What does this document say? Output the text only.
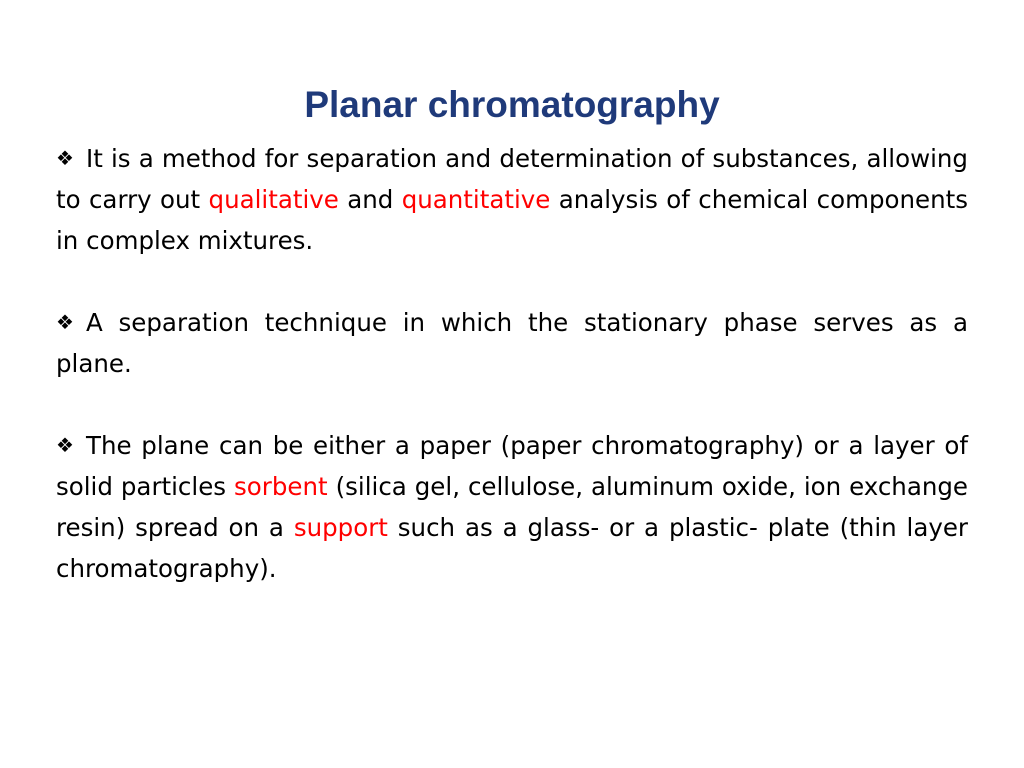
Planar chromatography

❖ It is a method for separation and determination of substances, allowing to carry out qualitative and quantitative analysis of chemical components in complex mixtures.

❖ A separation technique in which the stationary phase serves as a plane.

❖ The plane can be either a paper (paper chromatography) or a layer of solid particles sorbent (silica gel, cellulose, aluminum oxide, ion exchange resin) spread on a support such as a glass- or a plastic- plate (thin layer chromatography).
